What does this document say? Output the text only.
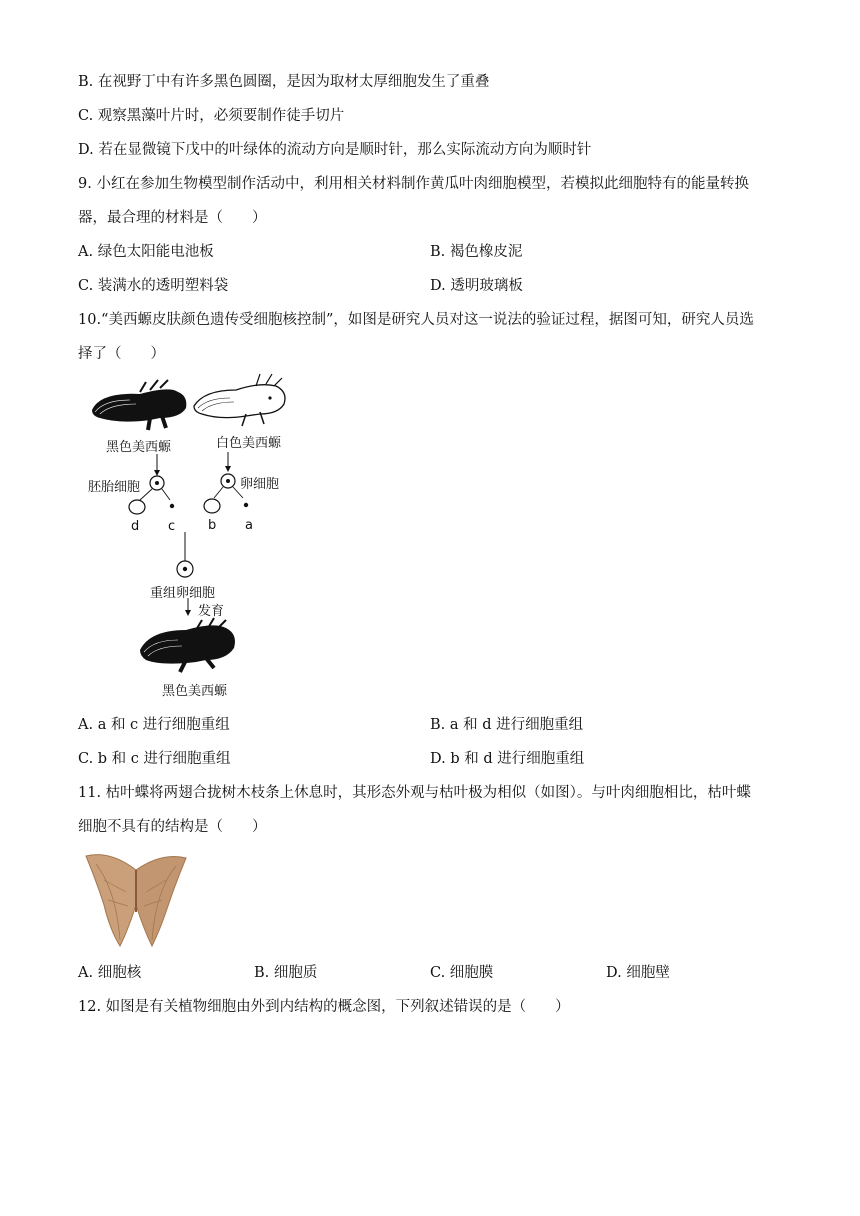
B. 在视野丁中有许多黑色圆圈，是因为取材太厚细胞发生了重叠
C. 观察黑藻叶片时，必须要制作徒手切片
D. 若在显微镜下戊中的叶绿体的流动方向是顺时针，那么实际流动方向为顺时针
9. 小红在参加生物模型制作活动中，利用相关材料制作黄瓜叶肉细胞模型，若模拟此细胞特有的能量转换
器，最合理的材料是（　　）
A. 绿色太阳能电池板	B. 褐色橡皮泥
C. 装满水的透明塑料袋	D. 透明玻璃板
10.“美西螈皮肤颜色遗传受细胞核控制”，如图是研究人员对这一说法的验证过程，据图可知，研究人员选
择了（　　）
黑色美西螈	白色美西螈
胚胎细胞	卵细胞
d c	b a
重组卵细胞
发育
黑色美西螈
A. a 和 c 进行细胞重组	B. a 和 d 进行细胞重组
C. b 和 c 进行细胞重组	D. b 和 d 进行细胞重组
11. 枯叶蝶将两翅合拢树木枝条上休息时，其形态外观与枯叶极为相似（如图）。与叶肉细胞相比，枯叶蝶
细胞不具有的结构是（　　）
A. 细胞核	B. 细胞质	C. 细胞膜	D. 细胞壁
12. 如图是有关植物细胞由外到内结构的概念图，下列叙述错误的是（　　）
